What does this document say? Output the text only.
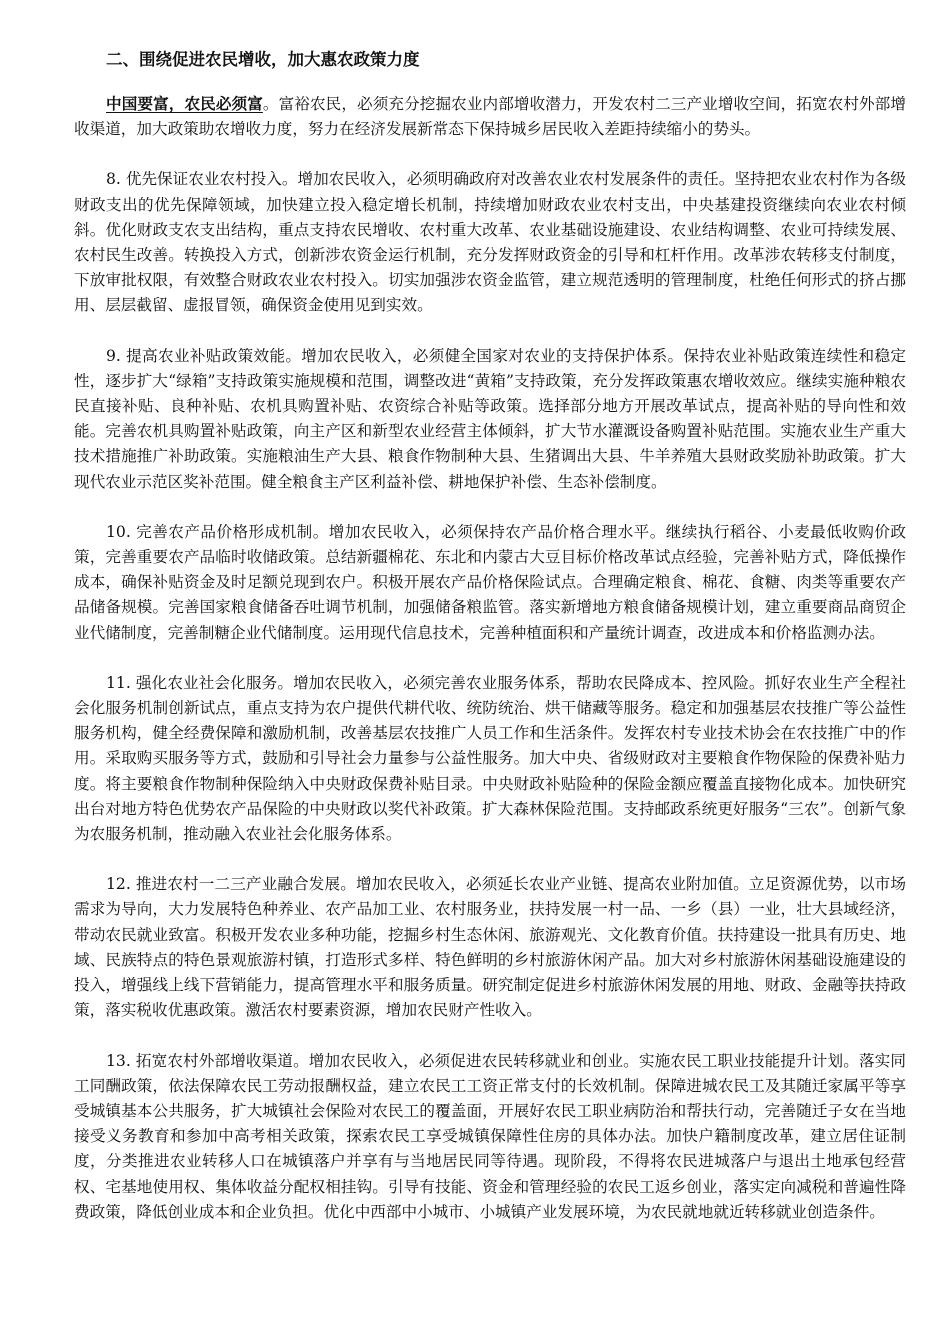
二、围绕促进农民增收，加大惠农政策力度

中国要富，农民必须富。富裕农民，必须充分挖掘农业内部增收潜力，开发农村二三产业增收空间，拓宽农村外部增收渠道，加大政策助农增收力度，努力在经济发展新常态下保持城乡居民收入差距持续缩小的势头。

8. 优先保证农业农村投入。增加农民收入，必须明确政府对改善农业农村发展条件的责任。坚持把农业农村作为各级财政支出的优先保障领域，加快建立投入稳定增长机制，持续增加财政农业农村支出，中央基建投资继续向农业农村倾斜。优化财政支农支出结构，重点支持农民增收、农村重大改革、农业基础设施建设、农业结构调整、农业可持续发展、农村民生改善。转换投入方式，创新涉农资金运行机制，充分发挥财政资金的引导和杠杆作用。改革涉农转移支付制度，下放审批权限，有效整合财政农业农村投入。切实加强涉农资金监管，建立规范透明的管理制度，杜绝任何形式的挤占挪用、层层截留、虚报冒领，确保资金使用见到实效。

9. 提高农业补贴政策效能。增加农民收入，必须健全国家对农业的支持保护体系。保持农业补贴政策连续性和稳定性，逐步扩大“绿箱”支持政策实施规模和范围，调整改进“黄箱”支持政策，充分发挥政策惠农增收效应。继续实施种粮农民直接补贴、良种补贴、农机具购置补贴、农资综合补贴等政策。选择部分地方开展改革试点，提高补贴的导向性和效能。完善农机具购置补贴政策，向主产区和新型农业经营主体倾斜，扩大节水灌溉设备购置补贴范围。实施农业生产重大技术措施推广补助政策。实施粮油生产大县、粮食作物制种大县、生猪调出大县、牛羊养殖大县财政奖励补助政策。扩大现代农业示范区奖补范围。健全粮食主产区利益补偿、耕地保护补偿、生态补偿制度。

10. 完善农产品价格形成机制。增加农民收入，必须保持农产品价格合理水平。继续执行稻谷、小麦最低收购价政策，完善重要农产品临时收储政策。总结新疆棉花、东北和内蒙古大豆目标价格改革试点经验，完善补贴方式，降低操作成本，确保补贴资金及时足额兑现到农户。积极开展农产品价格保险试点。合理确定粮食、棉花、食糖、肉类等重要农产品储备规模。完善国家粮食储备吞吐调节机制，加强储备粮监管。落实新增地方粮食储备规模计划，建立重要商品商贸企业代储制度，完善制糖企业代储制度。运用现代信息技术，完善种植面积和产量统计调查，改进成本和价格监测办法。

11. 强化农业社会化服务。增加农民收入，必须完善农业服务体系，帮助农民降成本、控风险。抓好农业生产全程社会化服务机制创新试点，重点支持为农户提供代耕代收、统防统治、烘干储藏等服务。稳定和加强基层农技推广等公益性服务机构，健全经费保障和激励机制，改善基层农技推广人员工作和生活条件。发挥农村专业技术协会在农技推广中的作用。采取购买服务等方式，鼓励和引导社会力量参与公益性服务。加大中央、省级财政对主要粮食作物保险的保费补贴力度。将主要粮食作物制种保险纳入中央财政保费补贴目录。中央财政补贴险种的保险金额应覆盖直接物化成本。加快研究出台对地方特色优势农产品保险的中央财政以奖代补政策。扩大森林保险范围。支持邮政系统更好服务“三农”。创新气象为农服务机制，推动融入农业社会化服务体系。

12. 推进农村一二三产业融合发展。增加农民收入，必须延长农业产业链、提高农业附加值。立足资源优势，以市场需求为导向，大力发展特色种养业、农产品加工业、农村服务业，扶持发展一村一品、一乡（县）一业，壮大县域经济，带动农民就业致富。积极开发农业多种功能，挖掘乡村生态休闲、旅游观光、文化教育价值。扶持建设一批具有历史、地域、民族特点的特色景观旅游村镇，打造形式多样、特色鲜明的乡村旅游休闲产品。加大对乡村旅游休闲基础设施建设的投入，增强线上线下营销能力，提高管理水平和服务质量。研究制定促进乡村旅游休闲发展的用地、财政、金融等扶持政策，落实税收优惠政策。激活农村要素资源，增加农民财产性收入。

13. 拓宽农村外部增收渠道。增加农民收入，必须促进农民转移就业和创业。实施农民工职业技能提升计划。落实同工同酬政策，依法保障农民工劳动报酬权益，建立农民工工资正常支付的长效机制。保障进城农民工及其随迁家属平等享受城镇基本公共服务，扩大城镇社会保险对农民工的覆盖面，开展好农民工职业病防治和帮扶行动，完善随迁子女在当地接受义务教育和参加中高考相关政策，探索农民工享受城镇保障性住房的具体办法。加快户籍制度改革，建立居住证制度，分类推进农业转移人口在城镇落户并享有与当地居民同等待遇。现阶段，不得将农民进城落户与退出土地承包经营权、宅基地使用权、集体收益分配权相挂钩。引导有技能、资金和管理经验的农民工返乡创业，落实定向减税和普遍性降费政策，降低创业成本和企业负担。优化中西部中小城市、小城镇产业发展环境，为农民就地就近转移就业创造条件。
